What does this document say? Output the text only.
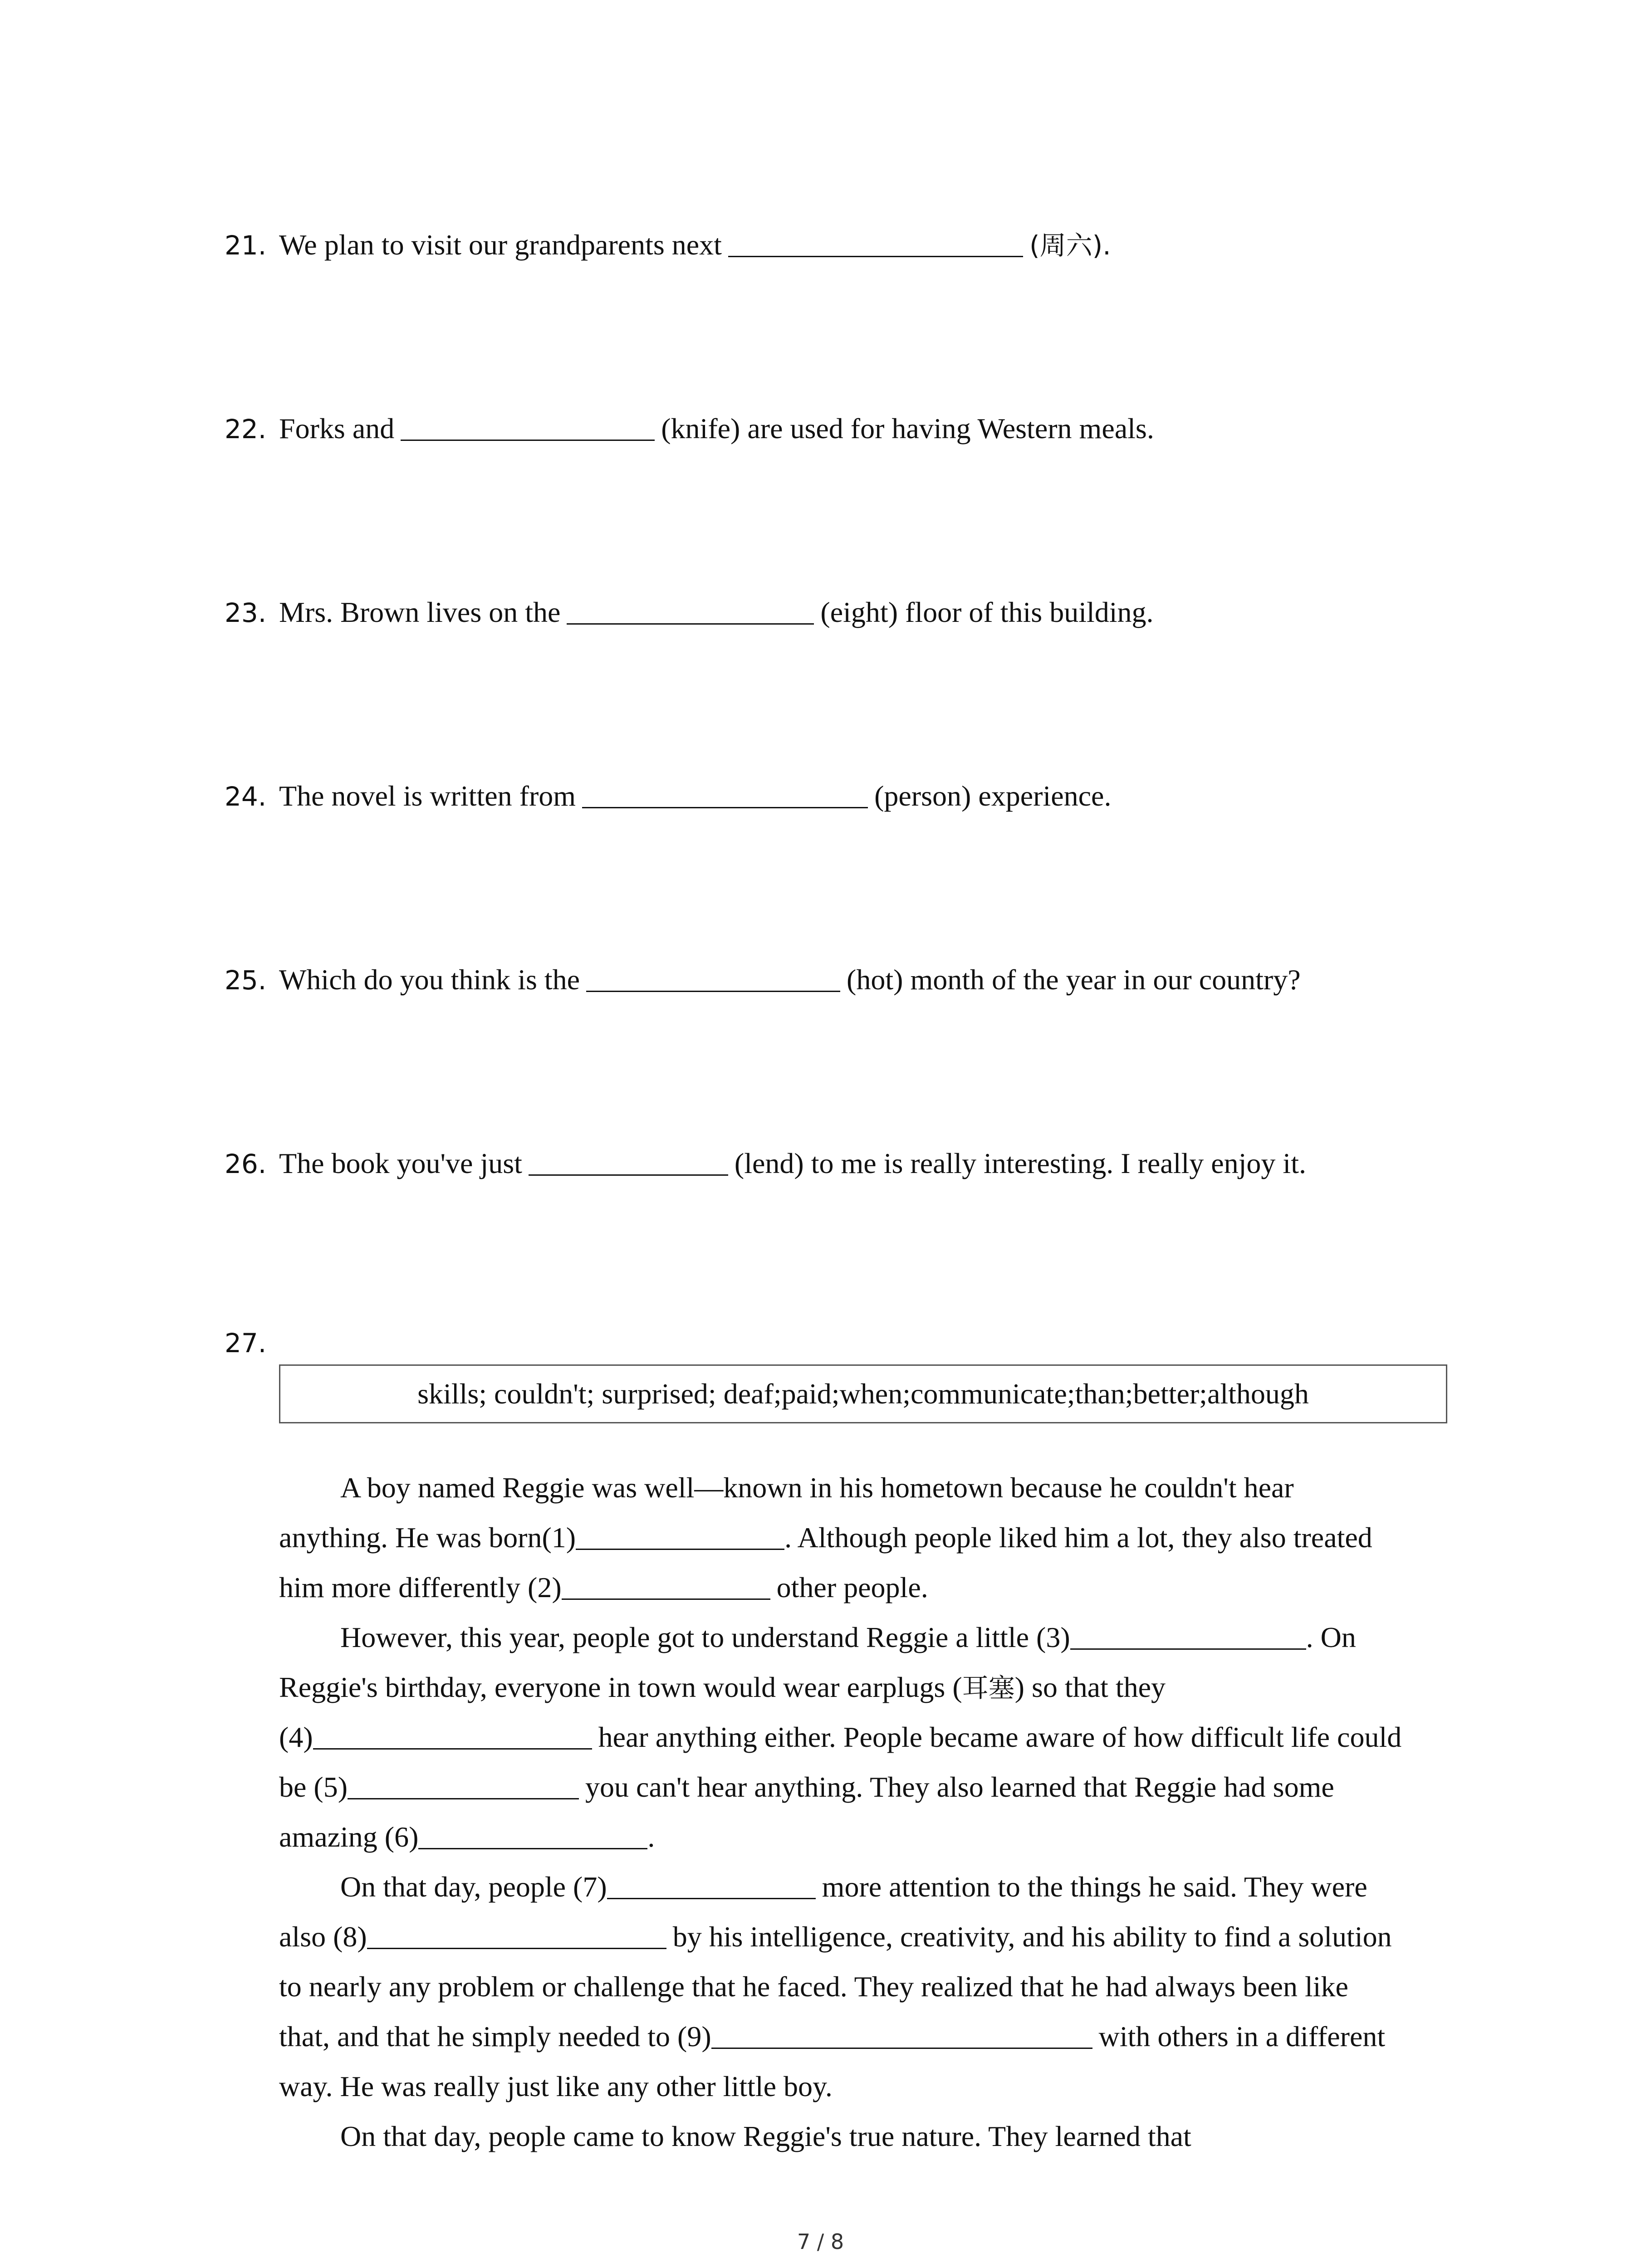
21. We plan to visit our grandparents next	(周六).
22. Forks and	(knife) are used for having Western meals.
23. Mrs. Brown lives on the	(eight) floor of this building.
24. The novel is written from	(person) experience.
25. Which do you think is the	(hot) month of the year in our country?
26. The book you've just	(lend) to me is really interesting. I really enjoy it.
27.
skills; couldn't; surprised; deaf;paid;when;communicate;than;better;although
A boy named Reggie was well—known in his hometown because he couldn't hear
anything. He was born(1)	. Although people liked him a lot, they also treated
him more differently (2)	other people.
However, this year, people got to understand Reggie a little (3)	. On
Reggie's birthday, everyone in town would wear earplugs (耳塞) so that they
(4)	hear anything either. People became aware of how difficult life could
be (5)	you can't hear anything. They also learned that Reggie had some
amazing (6)	.
On that day, people (7)	more attention to the things he said. They were
also (8)	by his intelligence, creativity, and his ability to find a solution
to nearly any problem or challenge that he faced. They realized that he had always been like
that, and that he simply needed to (9)	with others in a different
way. He was really just like any other little boy.
On that day, people came to know Reggie's true nature. They learned that
7 / 8
